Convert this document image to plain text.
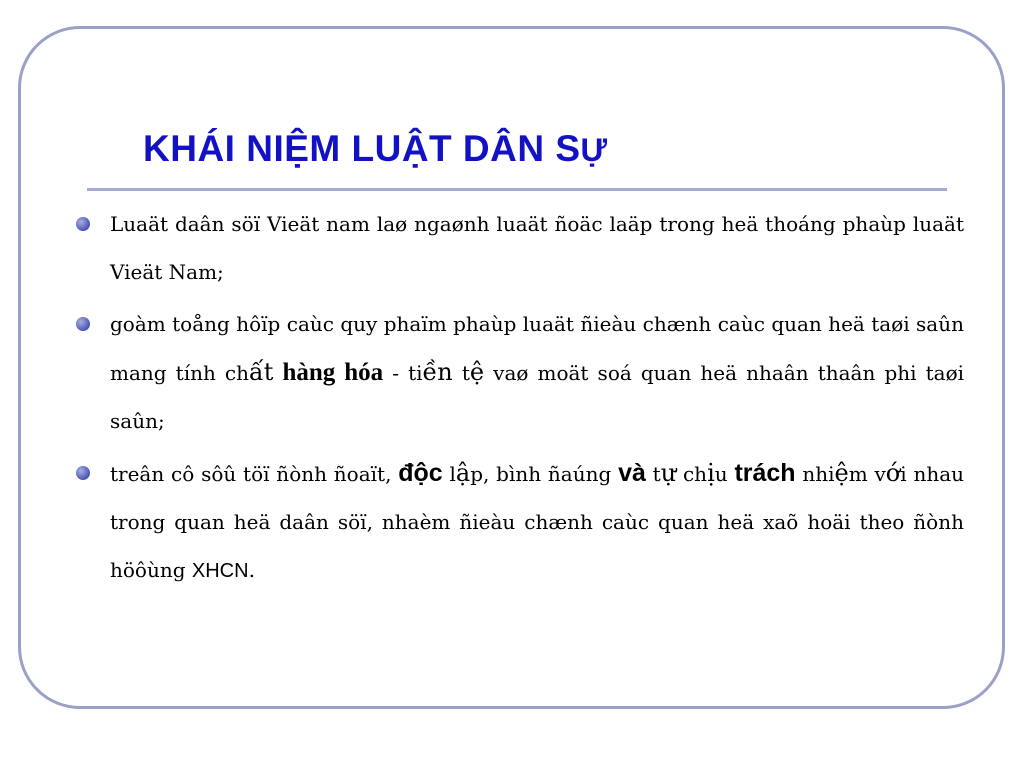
KHÁI NIỆM LUẬT DÂN SỰ
Luaät daân söï Vieät nam laø ngaønh luaät ñoäc laäp trong heä thoáng phaùp luaät Vieät Nam;
goàm toång hôïp caùc quy phaïm phaùp luaät ñieàu chænh caùc quan heä taøi saûn mang tính chất hàng hóa - tiền tệ vaø moät soá quan heä nhaân thaân phi taøi saûn;
treân cô sôû töï ñònh ñoaït, độc lập, bình ñaúng và tự chịu trách nhiệm với nhau trong quan heä daân söï, nhaèm ñieàu chænh caùc quan heä xaõ hoäi theo ñònh höôùng XHCN.
